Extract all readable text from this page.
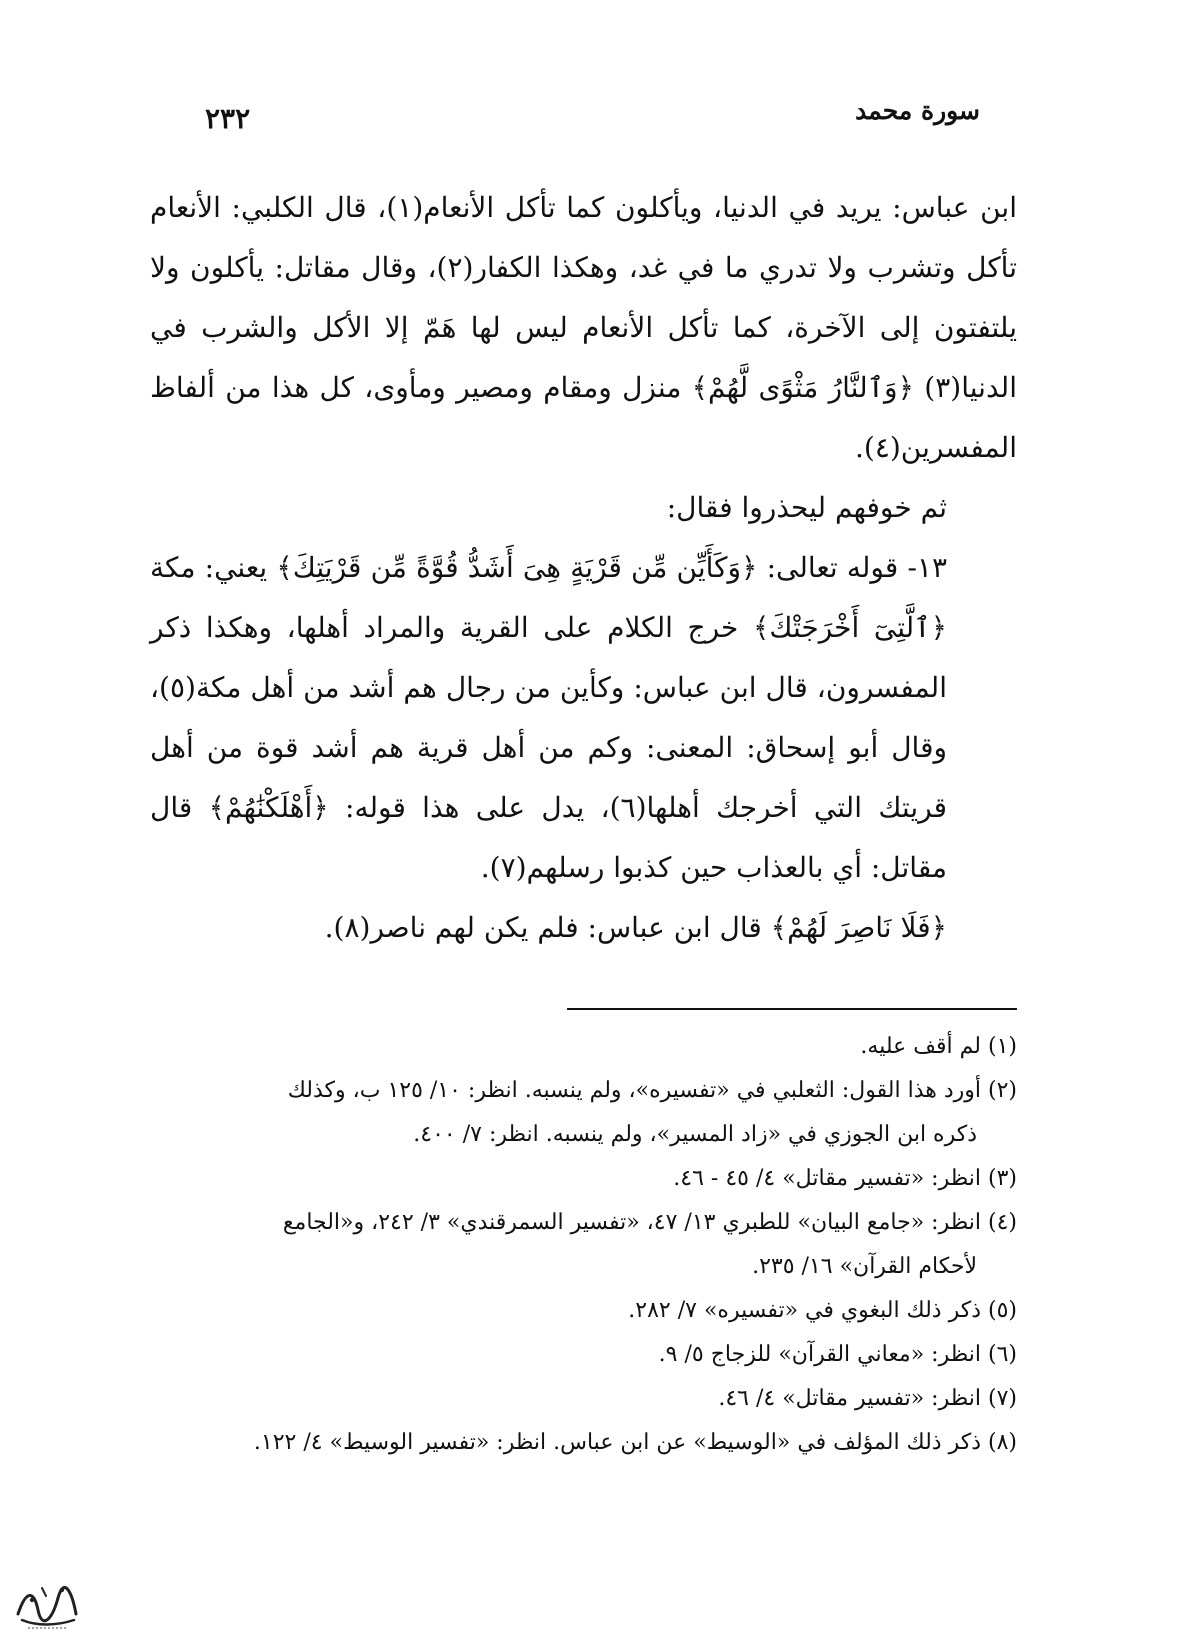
سورة محمد
٢٣٢

ابن عباس: يريد في الدنيا، ويأكلون كما تأكل الأنعام(١)، قال الكلبي: الأنعام تأكل وتشرب ولا تدري ما في غد، وهكذا الكفار(٢)، وقال مقاتل: يأكلون ولا يلتفتون إلى الآخرة، كما تأكل الأنعام ليس لها هَمّ إلا الأكل والشرب في الدنيا(٣) ﴿وَٱلنَّارُ مَثْوًى لَّهُمْ﴾ منزل ومقام ومصير ومأوى، كل هذا من ألفاظ المفسرين(٤).

ثم خوفهم ليحذروا فقال:

١٣- قوله تعالى: ﴿وَكَأَيِّن مِّن قَرْيَةٍ هِىَ أَشَدُّ قُوَّةً مِّن قَرْيَتِكَ﴾ يعني: مكة ﴿ٱلَّتِىٓ أَخْرَجَتْكَ﴾ خرج الكلام على القرية والمراد أهلها، وهكذا ذكر المفسرون، قال ابن عباس: وكأين من رجال هم أشد من أهل مكة(٥)، وقال أبو إسحاق: المعنى: وكم من أهل قرية هم أشد قوة من أهل قريتك التي أخرجك أهلها(٦)، يدل على هذا قوله: ﴿أَهْلَكْنَٰهُمْ﴾ قال مقاتل: أي بالعذاب حين كذبوا رسلهم(٧).

﴿فَلَا نَاصِرَ لَهُمْ﴾ قال ابن عباس: فلم يكن لهم ناصر(٨).

(١) لم أقف عليه.

(٢) أورد هذا القول: الثعلبي في «تفسيره»، ولم ينسبه. انظر: ١٠/ ١٢٥ ب، وكذلك

ذكره ابن الجوزي في «زاد المسير»، ولم ينسبه. انظر: ٧/ ٤٠٠.

(٣) انظر: «تفسير مقاتل» ٤/ ٤٥ - ٤٦.

(٤) انظر: «جامع البيان» للطبري ١٣/ ٤٧، «تفسير السمرقندي» ٣/ ٢٤٢، و«الجامع

لأحكام القرآن» ١٦/ ٢٣٥.

(٥) ذكر ذلك البغوي في «تفسيره» ٧/ ٢٨٢.

(٦) انظر: «معاني القرآن» للزجاج ٥/ ٩.

(٧) انظر: «تفسير مقاتل» ٤/ ٤٦.

(٨) ذكر ذلك المؤلف في «الوسيط» عن ابن عباس. انظر: «تفسير الوسيط» ٤/ ١٢٢.
